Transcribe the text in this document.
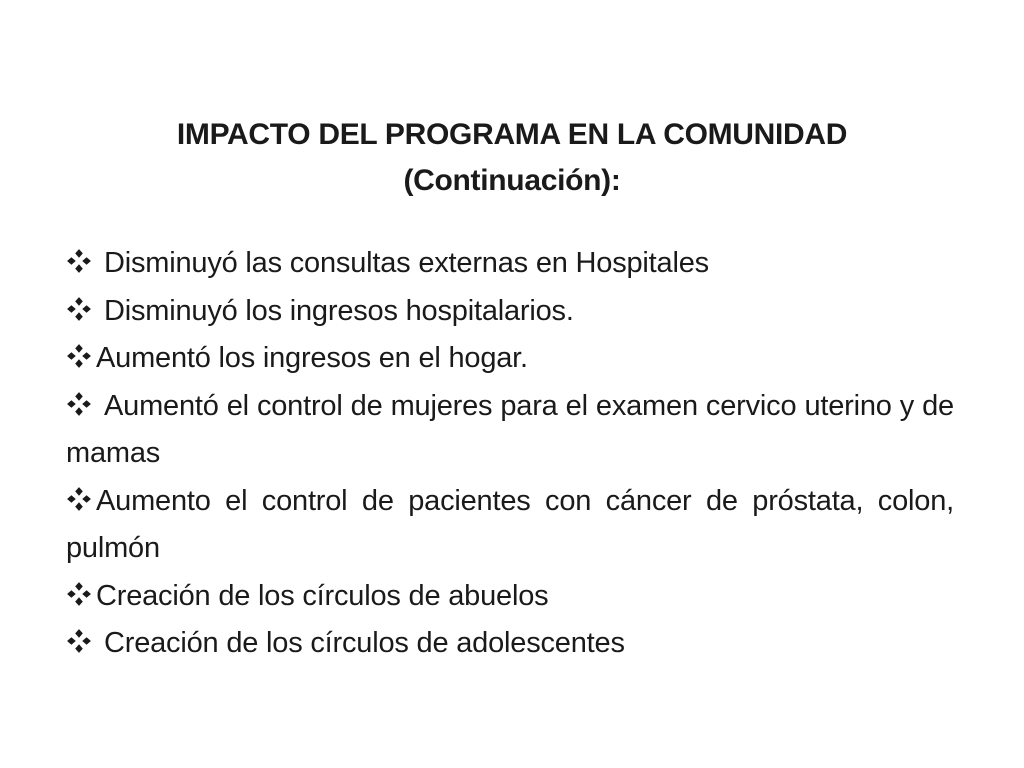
IMPACTO DEL PROGRAMA EN LA COMUNIDAD
(Continuación):
Disminuyó las consultas externas en Hospitales
Disminuyó los ingresos hospitalarios.
Aumentó los ingresos en el hogar.
Aumentó el control de mujeres para el examen cervico uterino y de mamas
Aumento el control de pacientes con cáncer de próstata, colon, pulmón
Creación de los círculos de abuelos
Creación de los círculos de adolescentes
